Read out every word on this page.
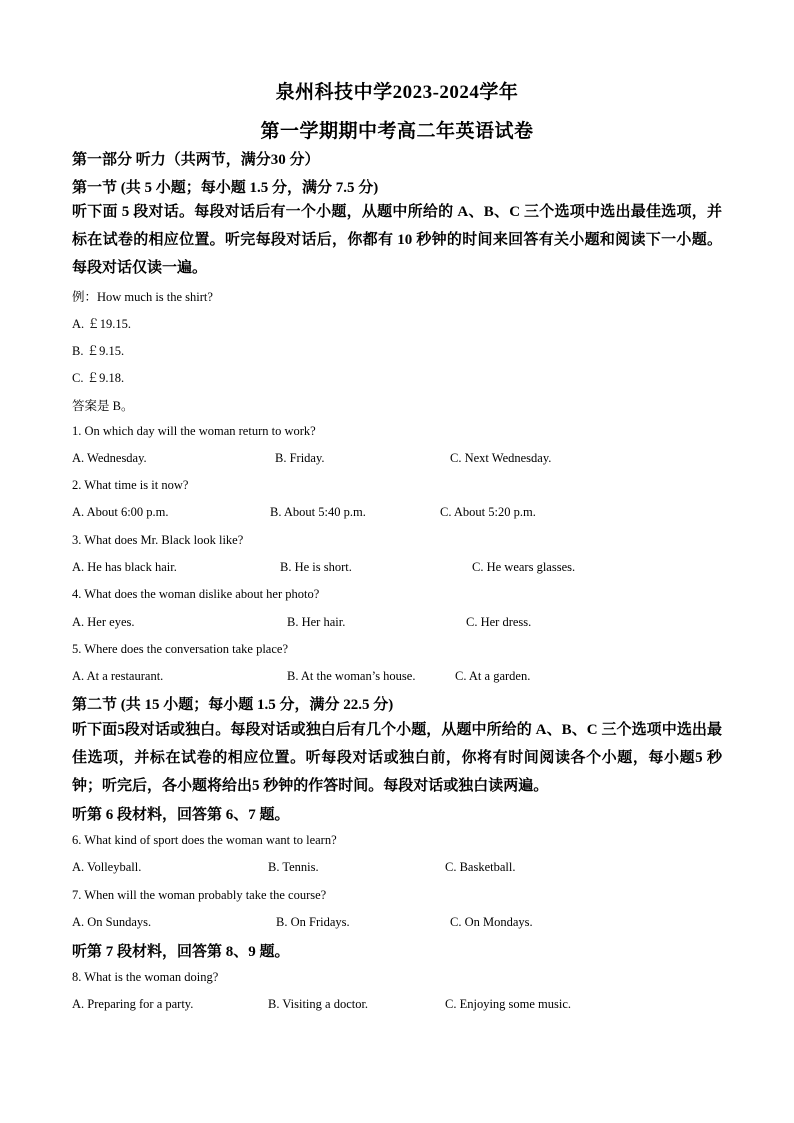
泉州科技中学2023-2024学年
第一学期期中考高二年英语试卷
第一部分 听力（共两节，满分30 分）
第一节 (共 5 小题；每小题 1.5 分，满分 7.5 分)
听下面 5 段对话。每段对话后有一个小题，从题中所给的 A、B、C 三个选项中选出最佳选项，并标在试卷的相应位置。听完每段对话后，你都有 10 秒钟的时间来回答有关小题和阅读下一小题。每段对话仅读一遍。
例：How much is the shirt?
A. ￡19.15.
B. ￡9.15.
C. ￡9.18.
答案是 B。
1. On which day will the woman return to work?
A. Wednesday.	B. Friday.	C. Next Wednesday.
2. What time is it now?
A. About 6:00 p.m.	B. About 5:40 p.m.	C. About 5:20 p.m.
3. What does Mr. Black look like?
A. He has black hair.	B. He is short.	C. He wears glasses.
4. What does the woman dislike about her photo?
A. Her eyes.	B. Her hair.	C. Her dress.
5. Where does the conversation take place?
A. At a restaurant.	B. At the woman’s house.	C. At a garden.
第二节 (共 15 小题；每小题 1.5 分，满分 22.5 分)
听下面5段对话或独白。每段对话或独白后有几个小题，从题中所给的 A、B、C 三个选项中选出最佳选项，并标在试卷的相应位置。听每段对话或独白前，你将有时间阅读各个小题，每小题5 秒钟；听完后，各小题将给出5 秒钟的作答时间。每段对话或独白读两遍。
听第 6 段材料，回答第 6、7 题。
6. What kind of sport does the woman want to learn?
A. Volleyball.	B. Tennis.	C. Basketball.
7. When will the woman probably take the course?
A. On Sundays.	B. On Fridays.	C. On Mondays.
听第 7 段材料，回答第 8、9 题。
8. What is the woman doing?
A. Preparing for a party.	B. Visiting a doctor.	C. Enjoying some music.
